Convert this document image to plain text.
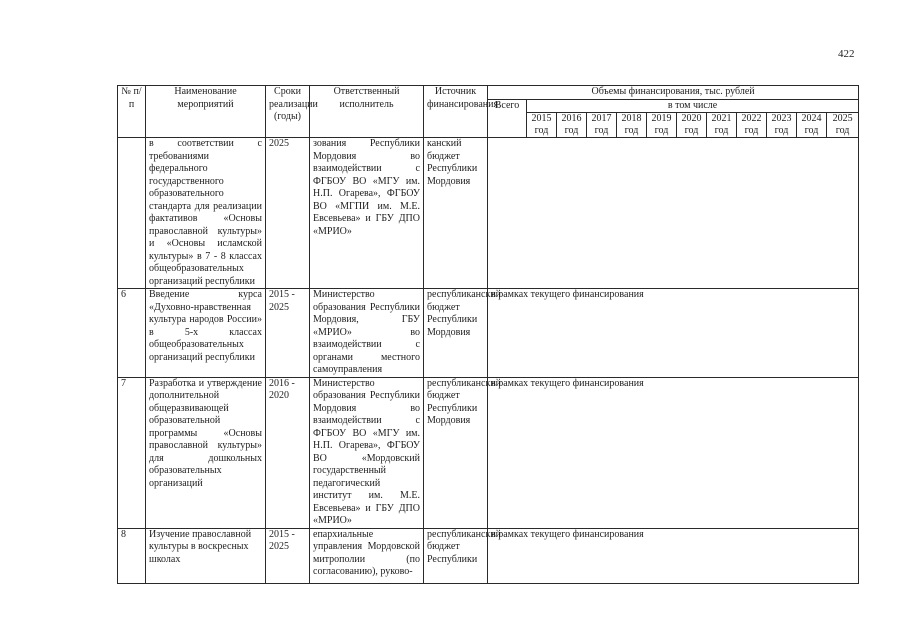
422
№ п/п	Наименование мероприятий	Сроки реализации (годы)	Ответственный исполнитель	Источник финансирования	Объемы финансирования, тыс. рублей											
					Всего	в том числе										
						2015 год	2016 год	2017 год	2018 год	2019 год	2020 год	2021 год	2022 год	2023 год	2024 год	2025 год
	в соответствии с требованиями федерального государственного образовательного стандарта для реализации фактативов «Основы православной культуры» и «Основы исламской культуры» в 7 - 8 классах общеобразовательных организаций республики	2025	зования Республики Мордовия во взаимодействии с ФГБОУ ВО «МГУ им. Н.П. Огарева», ФГБОУ ВО «МГПИ им. М.Е. Евсевьева» и ГБУ ДПО «МРИО»	канский бюджет Республики Мордовия												
6	Введение курса «Духовно-нравственная культура народов России» в 5-х классах общеобразовательных организаций республики	2015 - 2025	Министерство образования Республики Мордовия, ГБУ «МРИО» во взаимодействии с органами местного самоуправления	республиканский бюджет Республики Мордовия	в рамках текущего финансирования											
7	Разработка и утверждение дополнительной общеразвивающей образовательной программы «Основы православной культуры» для дошкольных образовательных организаций	2016 - 2020	Министерство образования Республики Мордовия во взаимодействии с ФГБОУ ВО «МГУ им. Н.П. Огарева», ФГБОУ ВО «Мордовский государственный педагогический институт им. М.Е. Евсевьева» и ГБУ ДПО «МРИО»	республиканский бюджет Республики Мордовия	в рамках текущего финансирования											
8	Изучение православной культуры в воскресных школах	2015 - 2025	епархиальные управления Мордовской митрополии (по согласованию), руково-	республиканский бюджет Республики	в рамках текущего финансирования											
